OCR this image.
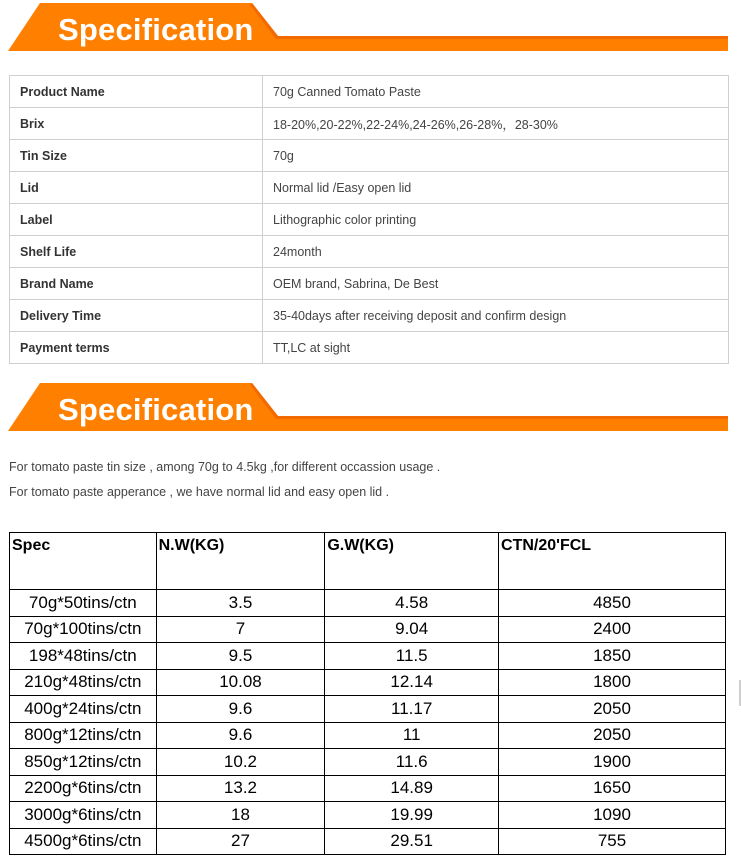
Specification
Product Name	70g Canned Tomato Paste
Brix	18-20%,20-22%,22-24%,24-26%,26-28%，28-30%
Tin Size	70g
Lid	Normal lid /Easy open lid
Label	Lithographic color printing
Shelf Life	24month
Brand Name	OEM brand, Sabrina, De Best
Delivery Time	35-40days after receiving deposit and confirm design
Payment terms	TT,LC at sight
Specification
For tomato paste tin size , among 70g to 4.5kg ,for different occassion usage .
For tomato paste apperance , we have normal lid and easy open lid .
Spec	N.W(KG)	G.W(KG)	CTN/20'FCL
70g*50tins/ctn	3.5	4.58	4850
70g*100tins/ctn	7	9.04	2400
198*48tins/ctn	9.5	11.5	1850
210g*48tins/ctn	10.08	12.14	1800
400g*24tins/ctn	9.6	11.17	2050
800g*12tins/ctn	9.6	11	2050
850g*12tins/ctn	10.2	11.6	1900
2200g*6tins/ctn	13.2	14.89	1650
3000g*6tins/ctn	18	19.99	1090
4500g*6tins/ctn	27	29.51	755
